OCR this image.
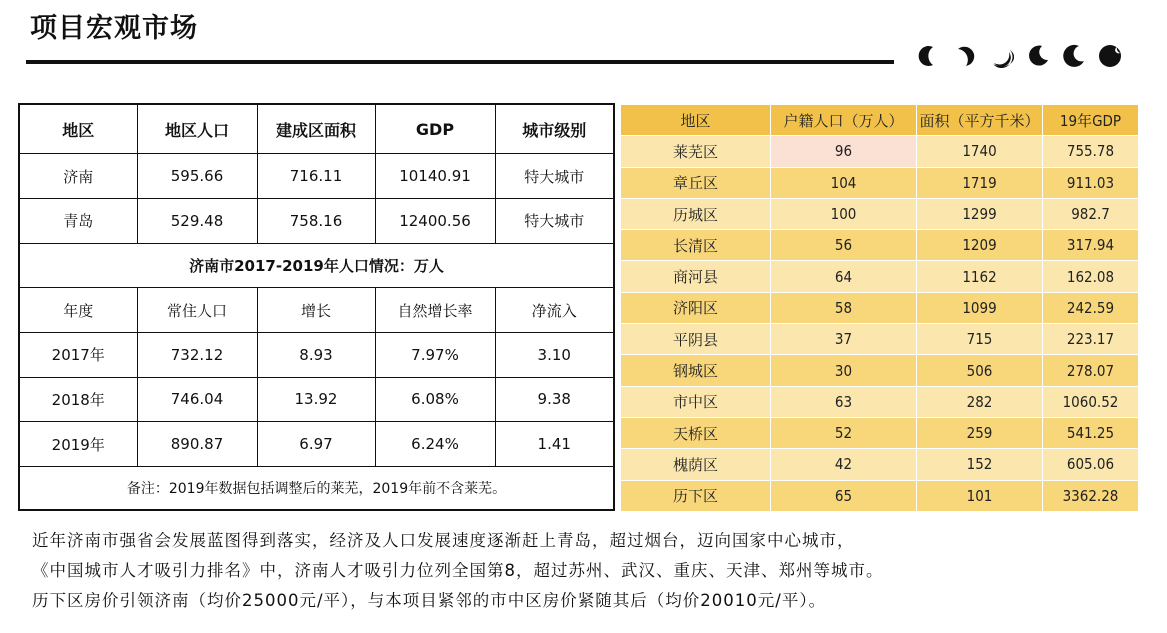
项目宏观市场
地区	地区人口	建成区面积	GDP	城市级别
济南	595.66	716.11	10140.91	特大城市
青岛	529.48	758.16	12400.56	特大城市
济南市2017-2019年人口情况：万人				
年度	常住人口	增长	自然增长率	净流入
2017年	732.12	8.93	7.97%	3.10
2018年	746.04	13.92	6.08%	9.38
2019年	890.87	6.97	6.24%	1.41
备注：2019年数据包括调整后的莱芜，2019年前不含莱芜。				
地区	户籍人口（万人）	面积（平方千米）	19年GDP
莱芜区	96	1740	755.78
章丘区	104	1719	911.03
历城区	100	1299	982.7
长清区	56	1209	317.94
商河县	64	1162	162.08
济阳区	58	1099	242.59
平阴县	37	715	223.17
钢城区	30	506	278.07
市中区	63	282	1060.52
天桥区	52	259	541.25
槐荫区	42	152	605.06
历下区	65	101	3362.28
近年济南市强省会发展蓝图得到落实，经济及人口发展速度逐渐赶上青岛，超过烟台，迈向国家中心城市，
《中国城市人才吸引力排名》中，济南人才吸引力位列全国第8，超过苏州、武汉、重庆、天津、郑州等城市。
历下区房价引领济南（均价25000元/平），与本项目紧邻的市中区房价紧随其后（均价20010元/平）。
